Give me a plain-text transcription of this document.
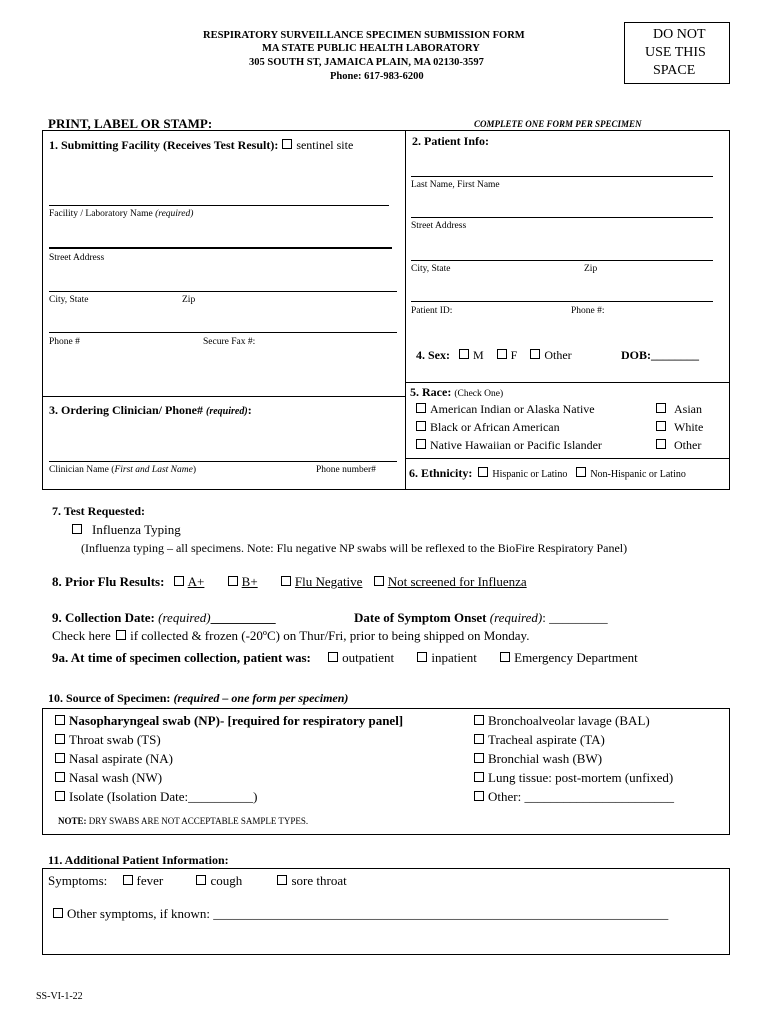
RESPIRATORY SURVEILLANCE SPECIMEN SUBMISSION FORM
MA STATE PUBLIC HEALTH LABORATORY
305 SOUTH ST, JAMAICA PLAIN, MA 02130-3597
Phone: 617-983-6200
DO NOT
USE THIS
SPACE
PRINT, LABEL OR STAMP:	COMPLETE ONE FORM PER SPECIMEN
1. Submitting Facility (Receives Test Result): sentinel site
Facility / Laboratory Name (required)
Street Address
City, State	Zip
Phone #	Secure Fax #:
3. Ordering Clinician/ Phone# (required):
Clinician Name (First and Last Name)	Phone number#
2. Patient Info:
Last Name, First Name
Street Address
City, State	Zip
Patient ID:	Phone #:
4. Sex: M F Other	DOB:________
5. Race: (Check One)
American Indian or Alaska Native
Black or African American
Native Hawaiian or Pacific Islander
Asian
White
Other
6. Ethnicity: Hispanic or Latino Non-Hispanic or Latino
7. Test Requested:
Influenza Typing
(Influenza typing – all specimens. Note: Flu negative NP swabs will be reflexed to the BioFire Respiratory Panel)
8. Prior Flu Results: A+	B+	Flu Negative Not screened for Influenza
9. Collection Date: (required)__________	Date of Symptom Onset (required): _________
Check here if collected & frozen (-20ºC) on Thur/Fri, prior to being shipped on Monday.
9a. At time of specimen collection, patient was: outpatient	inpatient	Emergency Department
10. Source of Specimen: (required – one form per specimen)
Nasopharyngeal swab (NP)- [required for respiratory panel]
Throat swab (TS)
Nasal aspirate (NA)
Nasal wash (NW)
Isolate (Isolation Date:__________)
Bronchoalveolar lavage (BAL)
Tracheal aspirate (TA)
Bronchial wash (BW)
Lung tissue: post-mortem (unfixed)
Other: _______________________
NOTE: DRY SWABS ARE NOT ACCEPTABLE SAMPLE TYPES.
11. Additional Patient Information:
Symptoms: fever	cough	sore throat
Other symptoms, if known: ______________________________________________________________________
SS-VI-1-22
